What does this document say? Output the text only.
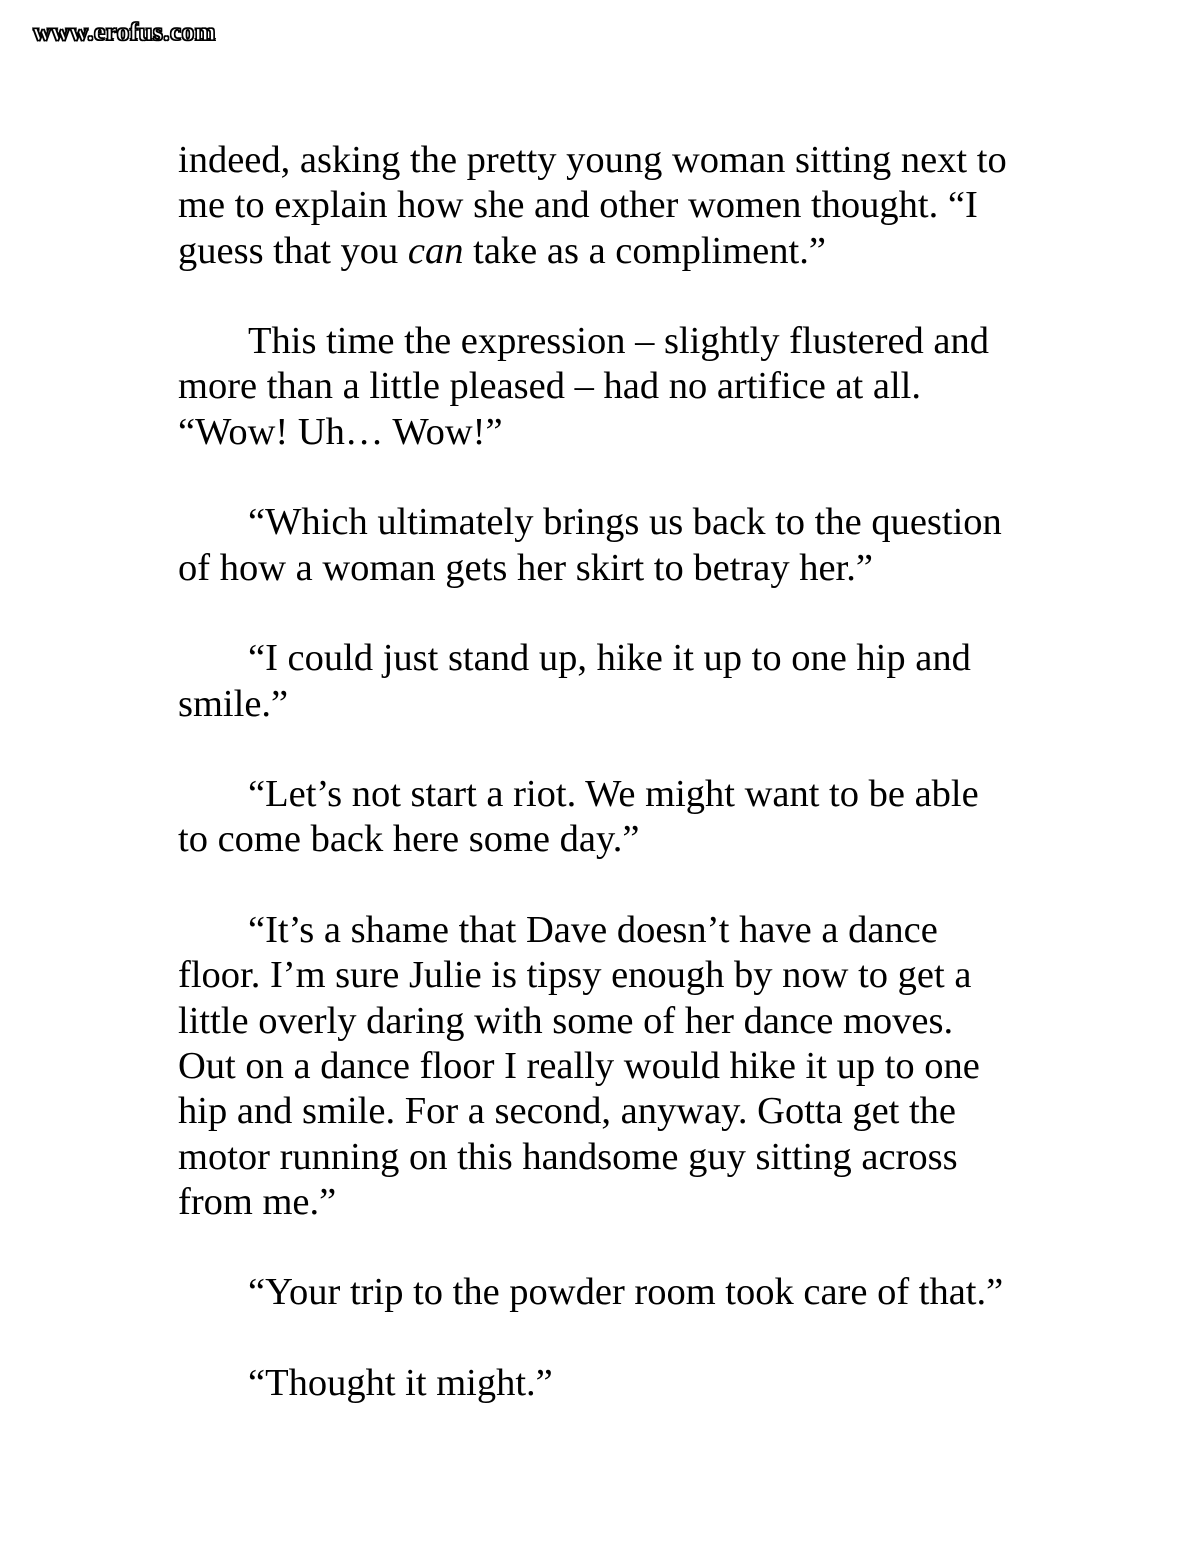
www.erofus.com

indeed, asking the pretty young woman sitting next to
me to explain how she and other women thought. “I
guess that you can take as a compliment.”

This time the expression – slightly flustered and
more than a little pleased – had no artifice at all.
“Wow! Uh… Wow!”

“Which ultimately brings us back to the question
of how a woman gets her skirt to betray her.”

“I could just stand up, hike it up to one hip and
smile.”

“Let’s not start a riot. We might want to be able
to come back here some day.”

“It’s a shame that Dave doesn’t have a dance
floor. I’m sure Julie is tipsy enough by now to get a
little overly daring with some of her dance moves.
Out on a dance floor I really would hike it up to one
hip and smile. For a second, anyway. Gotta get the
motor running on this handsome guy sitting across
from me.”

“Your trip to the powder room took care of that.”

“Thought it might.”
